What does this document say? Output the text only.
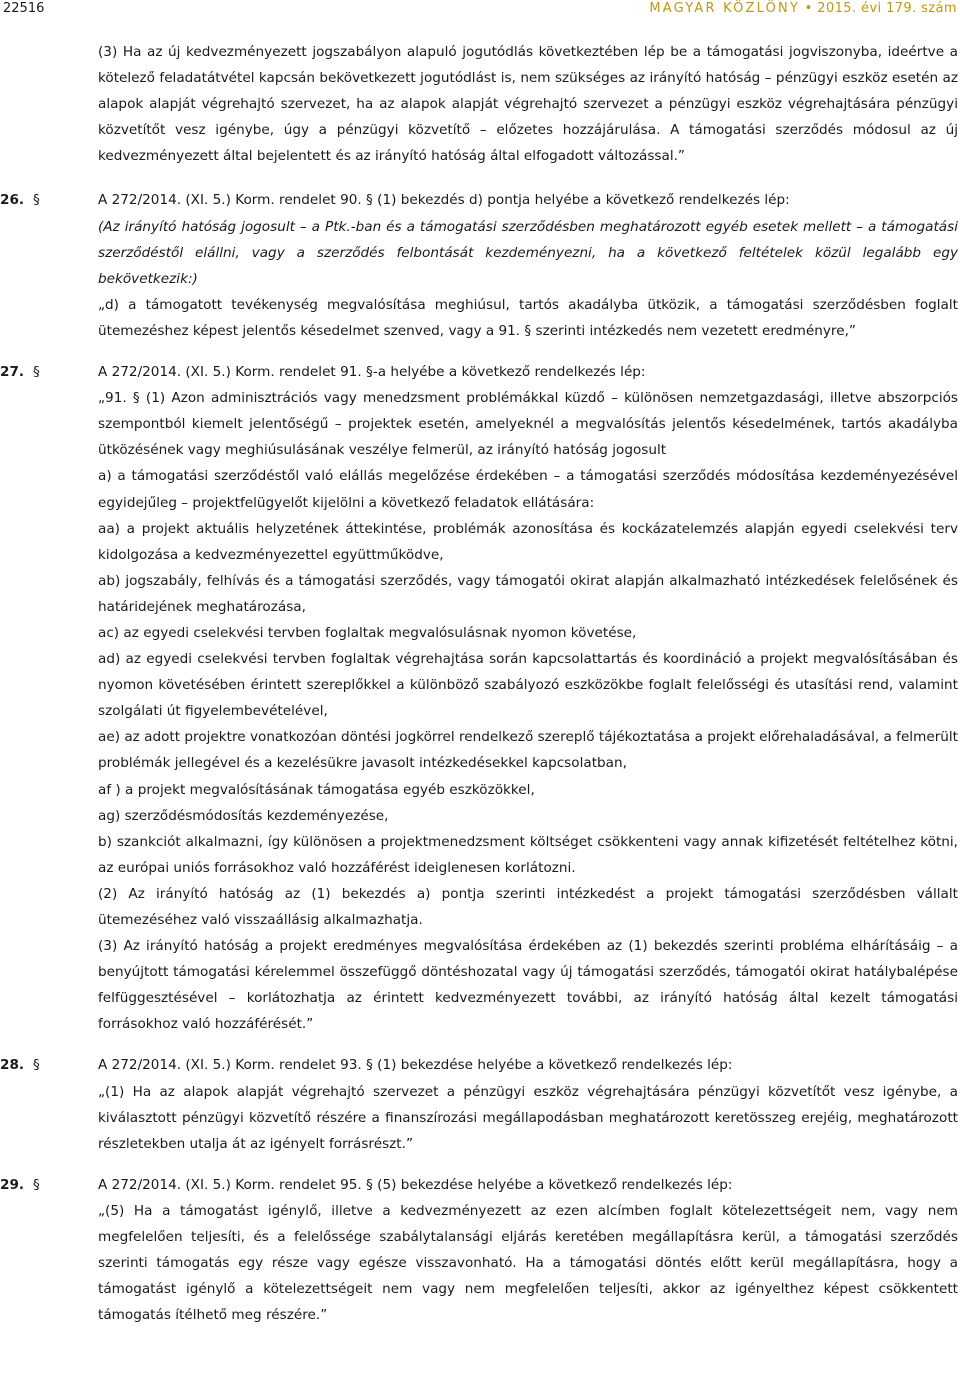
22516	MAGYAR KÖZLÖNY • 2015. évi 179. szám
(3) Ha az új kedvezményezett jogszabályon alapuló jogutódlás következtében lép be a támogatási jogviszonyba, ideértve a kötelező feladatátvétel kapcsán bekövetkezett jogutódlást is, nem szükséges az irányító hatóság – pénzügyi eszköz esetén az alapok alapját végrehajtó szervezet, ha az alapok alapját végrehajtó szervezet a pénzügyi eszköz végrehajtására pénzügyi közvetítőt vesz igénybe, úgy a pénzügyi közvetítő – előzetes hozzájárulása. A támogatási szerződés módosul az új kedvezményezett által bejelentett és az irányító hatóság által elfogadott változással.”
26. §	A 272/2014. (XI. 5.) Korm. rendelet 90. § (1) bekezdés d) pontja helyébe a következő rendelkezés lép:
(Az irányító hatóság jogosult – a Ptk.-ban és a támogatási szerződésben meghatározott egyéb esetek mellett – a támogatási szerződéstől elállni, vagy a szerződés felbontását kezdeményezni, ha a következő feltételek közül legalább egy bekövetkezik:)
„d) a támogatott tevékenység megvalósítása meghiúsul, tartós akadályba ütközik, a támogatási szerződésben foglalt ütemezéshez képest jelentős késedelmet szenved, vagy a 91. § szerinti intézkedés nem vezetett eredményre,”
27. §	A 272/2014. (XI. 5.) Korm. rendelet 91. §-a helyébe a következő rendelkezés lép:
„91. § (1) Azon adminisztrációs vagy menedzsment problémákkal küzdő – különösen nemzetgazdasági, illetve abszorpciós szempontból kiemelt jelentőségű – projektek esetén, amelyeknél a megvalósítás jelentős késedelmének, tartós akadályba ütközésének vagy meghiúsulásának veszélye felmerül, az irányító hatóság jogosult
a) a támogatási szerződéstől való elállás megelőzése érdekében – a támogatási szerződés módosítása kezdeményezésével egyidejűleg – projektfelügyelőt kijelölni a következő feladatok ellátására:
aa) a projekt aktuális helyzetének áttekintése, problémák azonosítása és kockázatelemzés alapján egyedi cselekvési terv kidolgozása a kedvezményezettel együttműködve,
ab) jogszabály, felhívás és a támogatási szerződés, vagy támogatói okirat alapján alkalmazható intézkedések felelősének és határidejének meghatározása,
ac) az egyedi cselekvési tervben foglaltak megvalósulásnak nyomon követése,
ad) az egyedi cselekvési tervben foglaltak végrehajtása során kapcsolattartás és koordináció a projekt megvalósításában és nyomon követésében érintett szereplőkkel a különböző szabályozó eszközökbe foglalt felelősségi és utasítási rend, valamint szolgálati út figyelembevételével,
ae) az adott projektre vonatkozóan döntési jogkörrel rendelkező szereplő tájékoztatása a projekt előrehaladásával, a felmerült problémák jellegével és a kezelésükre javasolt intézkedésekkel kapcsolatban,
af ) a projekt megvalósításának támogatása egyéb eszközökkel,
ag) szerződésmódosítás kezdeményezése,
b) szankciót alkalmazni, így különösen a projektmenedzsment költséget csökkenteni vagy annak kifizetését feltételhez kötni, az európai uniós forrásokhoz való hozzáférést ideiglenesen korlátozni.
(2) Az irányító hatóság az (1) bekezdés a) pontja szerinti intézkedést a projekt támogatási szerződésben vállalt ütemezéséhez való visszaállásig alkalmazhatja.
(3) Az irányító hatóság a projekt eredményes megvalósítása érdekében az (1) bekezdés szerinti probléma elhárításáig – a benyújtott támogatási kérelemmel összefüggő döntéshozatal vagy új támogatási szerződés, támogatói okirat hatálybalépése felfüggesztésével – korlátozhatja az érintett kedvezményezett további, az irányító hatóság által kezelt támogatási forrásokhoz való hozzáférését.”
28. §	A 272/2014. (XI. 5.) Korm. rendelet 93. § (1) bekezdése helyébe a következő rendelkezés lép:
„(1) Ha az alapok alapját végrehajtó szervezet a pénzügyi eszköz végrehajtására pénzügyi közvetítőt vesz igénybe, a kiválasztott pénzügyi közvetítő részére a finanszírozási megállapodásban meghatározott keretösszeg erejéig, meghatározott részletekben utalja át az igényelt forrásrészt.”
29. §	A 272/2014. (XI. 5.) Korm. rendelet 95. § (5) bekezdése helyébe a következő rendelkezés lép:
„(5) Ha a támogatást igénylő, illetve a kedvezményezett az ezen alcímben foglalt kötelezettségeit nem, vagy nem megfelelően teljesíti, és a felelőssége szabálytalansági eljárás keretében megállapításra kerül, a támogatási szerződés szerinti támogatás egy része vagy egésze visszavonható. Ha a támogatási döntés előtt kerül megállapításra, hogy a támogatást igénylő a kötelezettségeit nem vagy nem megfelelően teljesíti, akkor az igényelthez képest csökkentett támogatás ítélhető meg részére.”
